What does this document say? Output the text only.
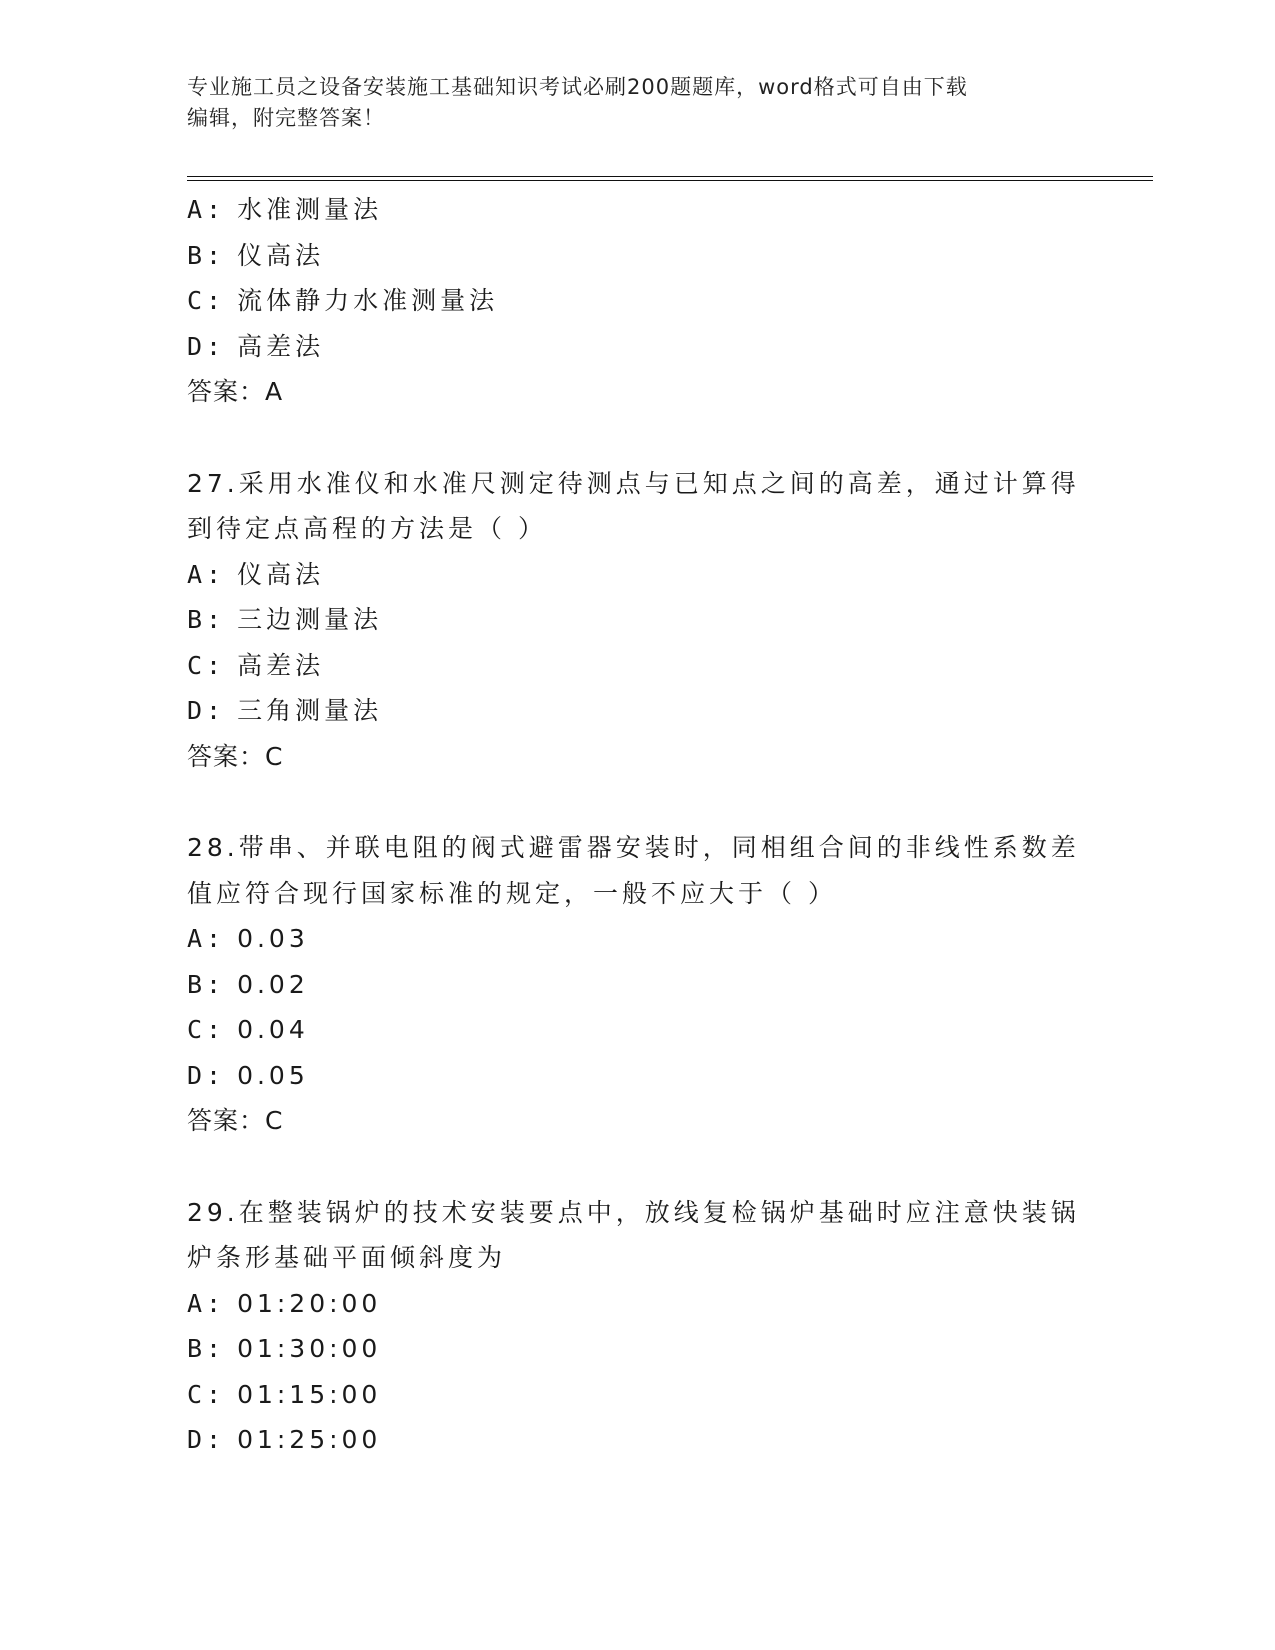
专业施工员之设备安装施工基础知识考试必刷200题题库，word格式可自由下载
编辑，附完整答案！
A: 水准测量法
B: 仪高法
C: 流体静力水准测量法
D: 高差法
答案：A
27.采用水准仪和水准尺测定待测点与已知点之间的高差，通过计算得
到待定点高程的方法是（ ）
A: 仪高法
B: 三边测量法
C: 高差法
D: 三角测量法
答案：C
28.带串、并联电阻的阀式避雷器安装时，同相组合间的非线性系数差
值应符合现行国家标准的规定，一般不应大于（ ）
A: 0.03
B: 0.02
C: 0.04
D: 0.05
答案：C
29.在整装锅炉的技术安装要点中，放线复检锅炉基础时应注意快装锅
炉条形基础平面倾斜度为
A: 01:20:00
B: 01:30:00
C: 01:15:00
D: 01:25:00
